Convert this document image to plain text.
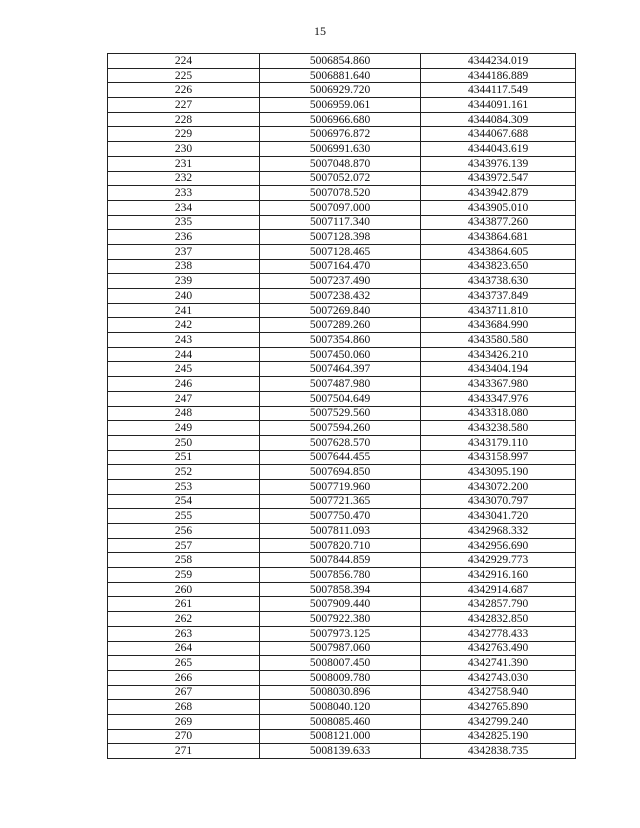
15
224	5006854.860	4344234.019
225	5006881.640	4344186.889
226	5006929.720	4344117.549
227	5006959.061	4344091.161
228	5006966.680	4344084.309
229	5006976.872	4344067.688
230	5006991.630	4344043.619
231	5007048.870	4343976.139
232	5007052.072	4343972.547
233	5007078.520	4343942.879
234	5007097.000	4343905.010
235	5007117.340	4343877.260
236	5007128.398	4343864.681
237	5007128.465	4343864.605
238	5007164.470	4343823.650
239	5007237.490	4343738.630
240	5007238.432	4343737.849
241	5007269.840	4343711.810
242	5007289.260	4343684.990
243	5007354.860	4343580.580
244	5007450.060	4343426.210
245	5007464.397	4343404.194
246	5007487.980	4343367.980
247	5007504.649	4343347.976
248	5007529.560	4343318.080
249	5007594.260	4343238.580
250	5007628.570	4343179.110
251	5007644.455	4343158.997
252	5007694.850	4343095.190
253	5007719.960	4343072.200
254	5007721.365	4343070.797
255	5007750.470	4343041.720
256	5007811.093	4342968.332
257	5007820.710	4342956.690
258	5007844.859	4342929.773
259	5007856.780	4342916.160
260	5007858.394	4342914.687
261	5007909.440	4342857.790
262	5007922.380	4342832.850
263	5007973.125	4342778.433
264	5007987.060	4342763.490
265	5008007.450	4342741.390
266	5008009.780	4342743.030
267	5008030.896	4342758.940
268	5008040.120	4342765.890
269	5008085.460	4342799.240
270	5008121.000	4342825.190
271	5008139.633	4342838.735
